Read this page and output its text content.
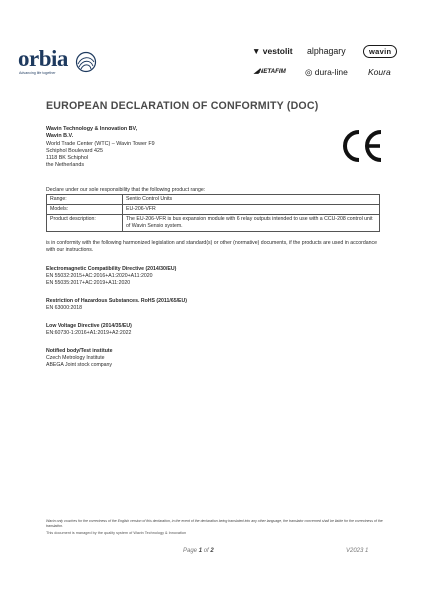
orbia
Advancing life together
▼ vestolit alphagary	wavin
◢NETAFIM ◎ dura-line Koura
EUROPEAN DECLARATION OF CONFORMITY (DOC)
Wavin Technology & Innovation BV,
Wavin B.V.
World Trade Center (WTC) – Wavin Tower F9
Schiphol Boulevard 425
1118 BK Schiphol
the Netherlands
Declare under our sole responsibility that the following product range:
Range:	Sentio Control Units
Models:	EU-206-VFR
Product description:	The EU-206-VFR is bus expansion module with 6 relay outputs intended to use with a CCU-208 control unit of Wavin Sensio system.
is in conformity with the following harmonized legislation and standard(s) or other (normative) documents, if the products are used in accordance with our instructions.
Electromagnetic Compatibility Directive (2014/30/EU)
EN 55032:2015+AC:2016+A1:2020+A11:2020
EN 55035:2017+AC:2019+A11:2020
Restriction of Hazardous Substances. RoHS (2011/65/EU)
EN 63000:2018
Low Voltage Directive (2014/35/EU)
EN:60730-1:2016+A1:2019+A2:2022
Notified body/Test institute
Czech Metrology Institute
ABEGA Joint stock company
Wavin only vouches for the correctness of the English version of this declaration, in the event of the declaration being translated into any other language, the translator concerned shall be liable for the correctness of the translation.
This document is managed by the quality system of Wavin Technology & Innovation
Page 1 of 2	V2023 1
